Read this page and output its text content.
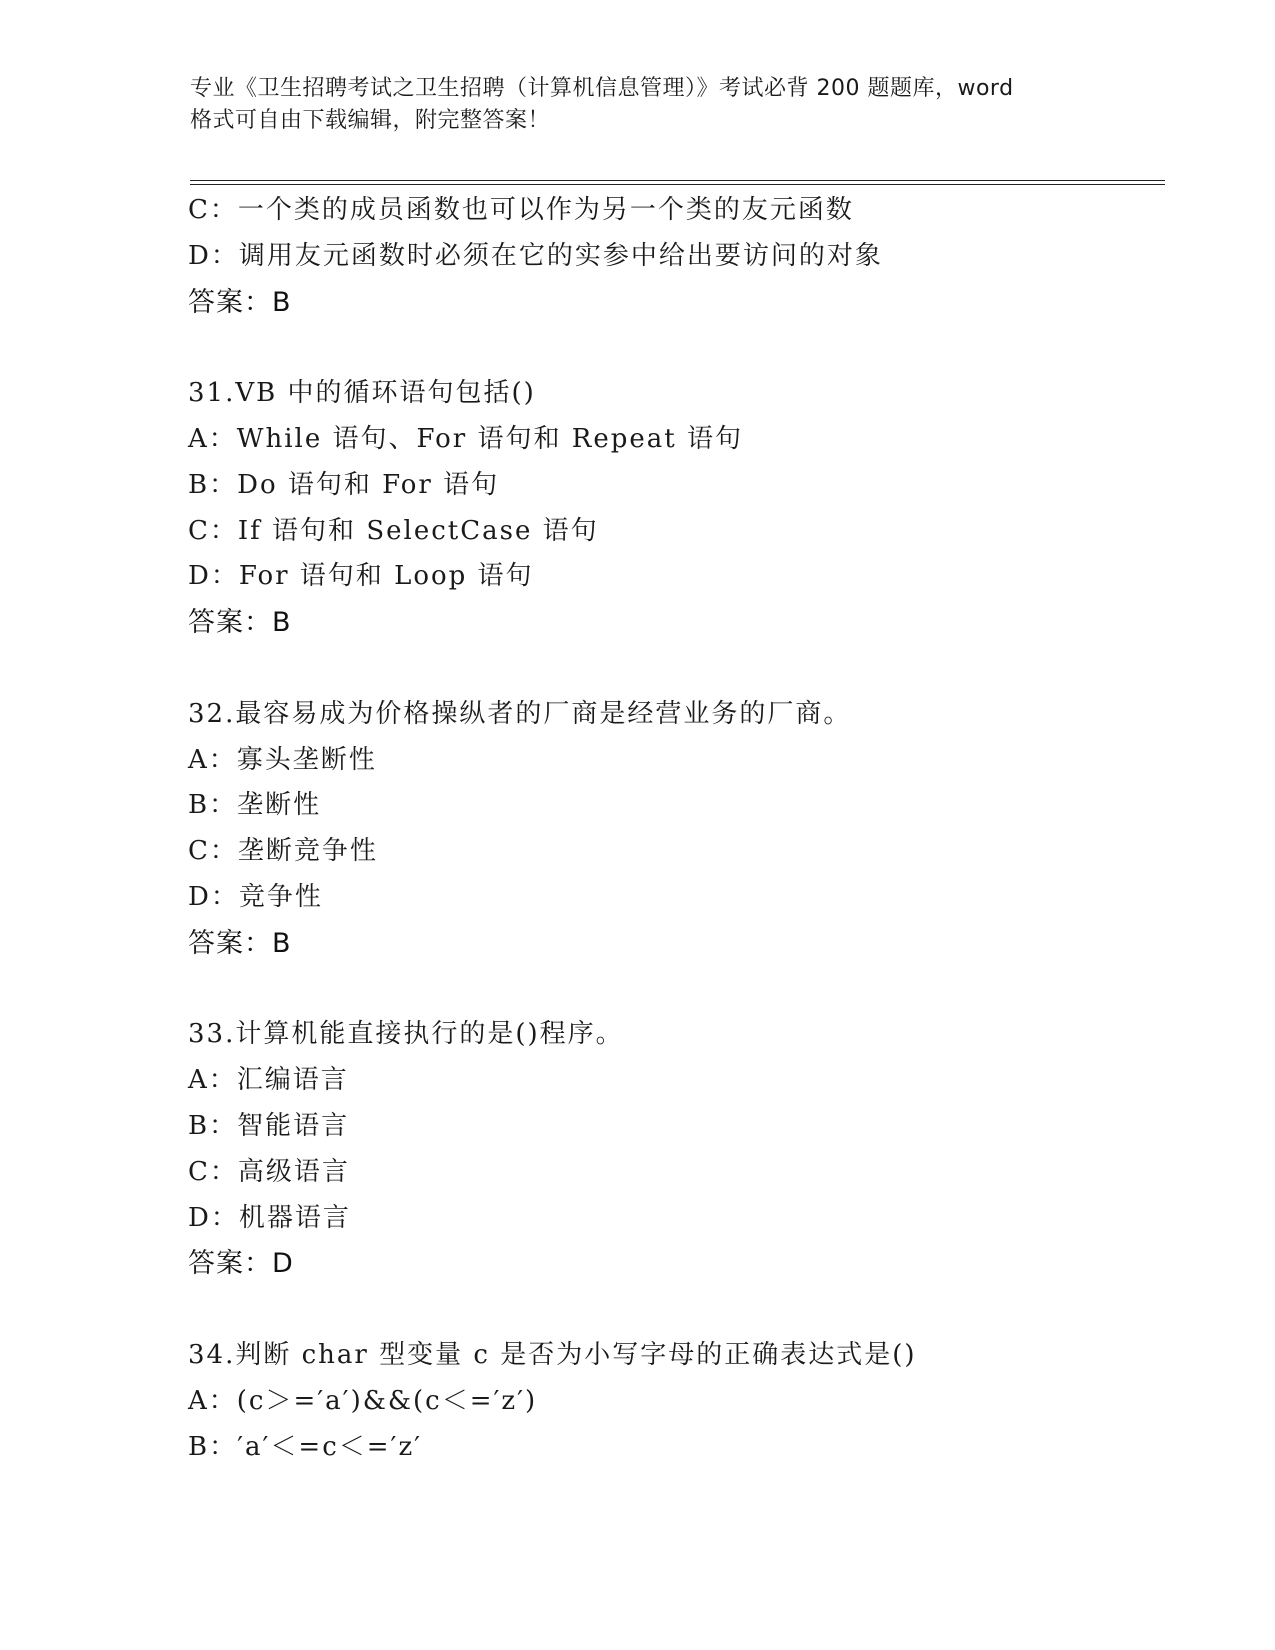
专业《卫生招聘考试之卫生招聘（计算机信息管理）》考试必背 200 题题库，word
格式可自由下载编辑，附完整答案！
C：一个类的成员函数也可以作为另一个类的友元函数
D：调用友元函数时必须在它的实参中给出要访问的对象
答案：B
31.VB 中的循环语句包括()
A：While 语句、For 语句和 Repeat 语句
B：Do 语句和 For 语句
C：If 语句和 SelectCase 语句
D：For 语句和 Loop 语句
答案：B
32.最容易成为价格操纵者的厂商是经营业务的厂商。
A：寡头垄断性
B：垄断性
C：垄断竞争性
D：竞争性
答案：B
33.计算机能直接执行的是()程序。
A：汇编语言
B：智能语言
C：高级语言
D：机器语言
答案：D
34.判断 char 型变量 c 是否为小写字母的正确表达式是()
A：(c＞=′a′)&&(c＜=′z′)
B：′a′＜=c＜=′z′
